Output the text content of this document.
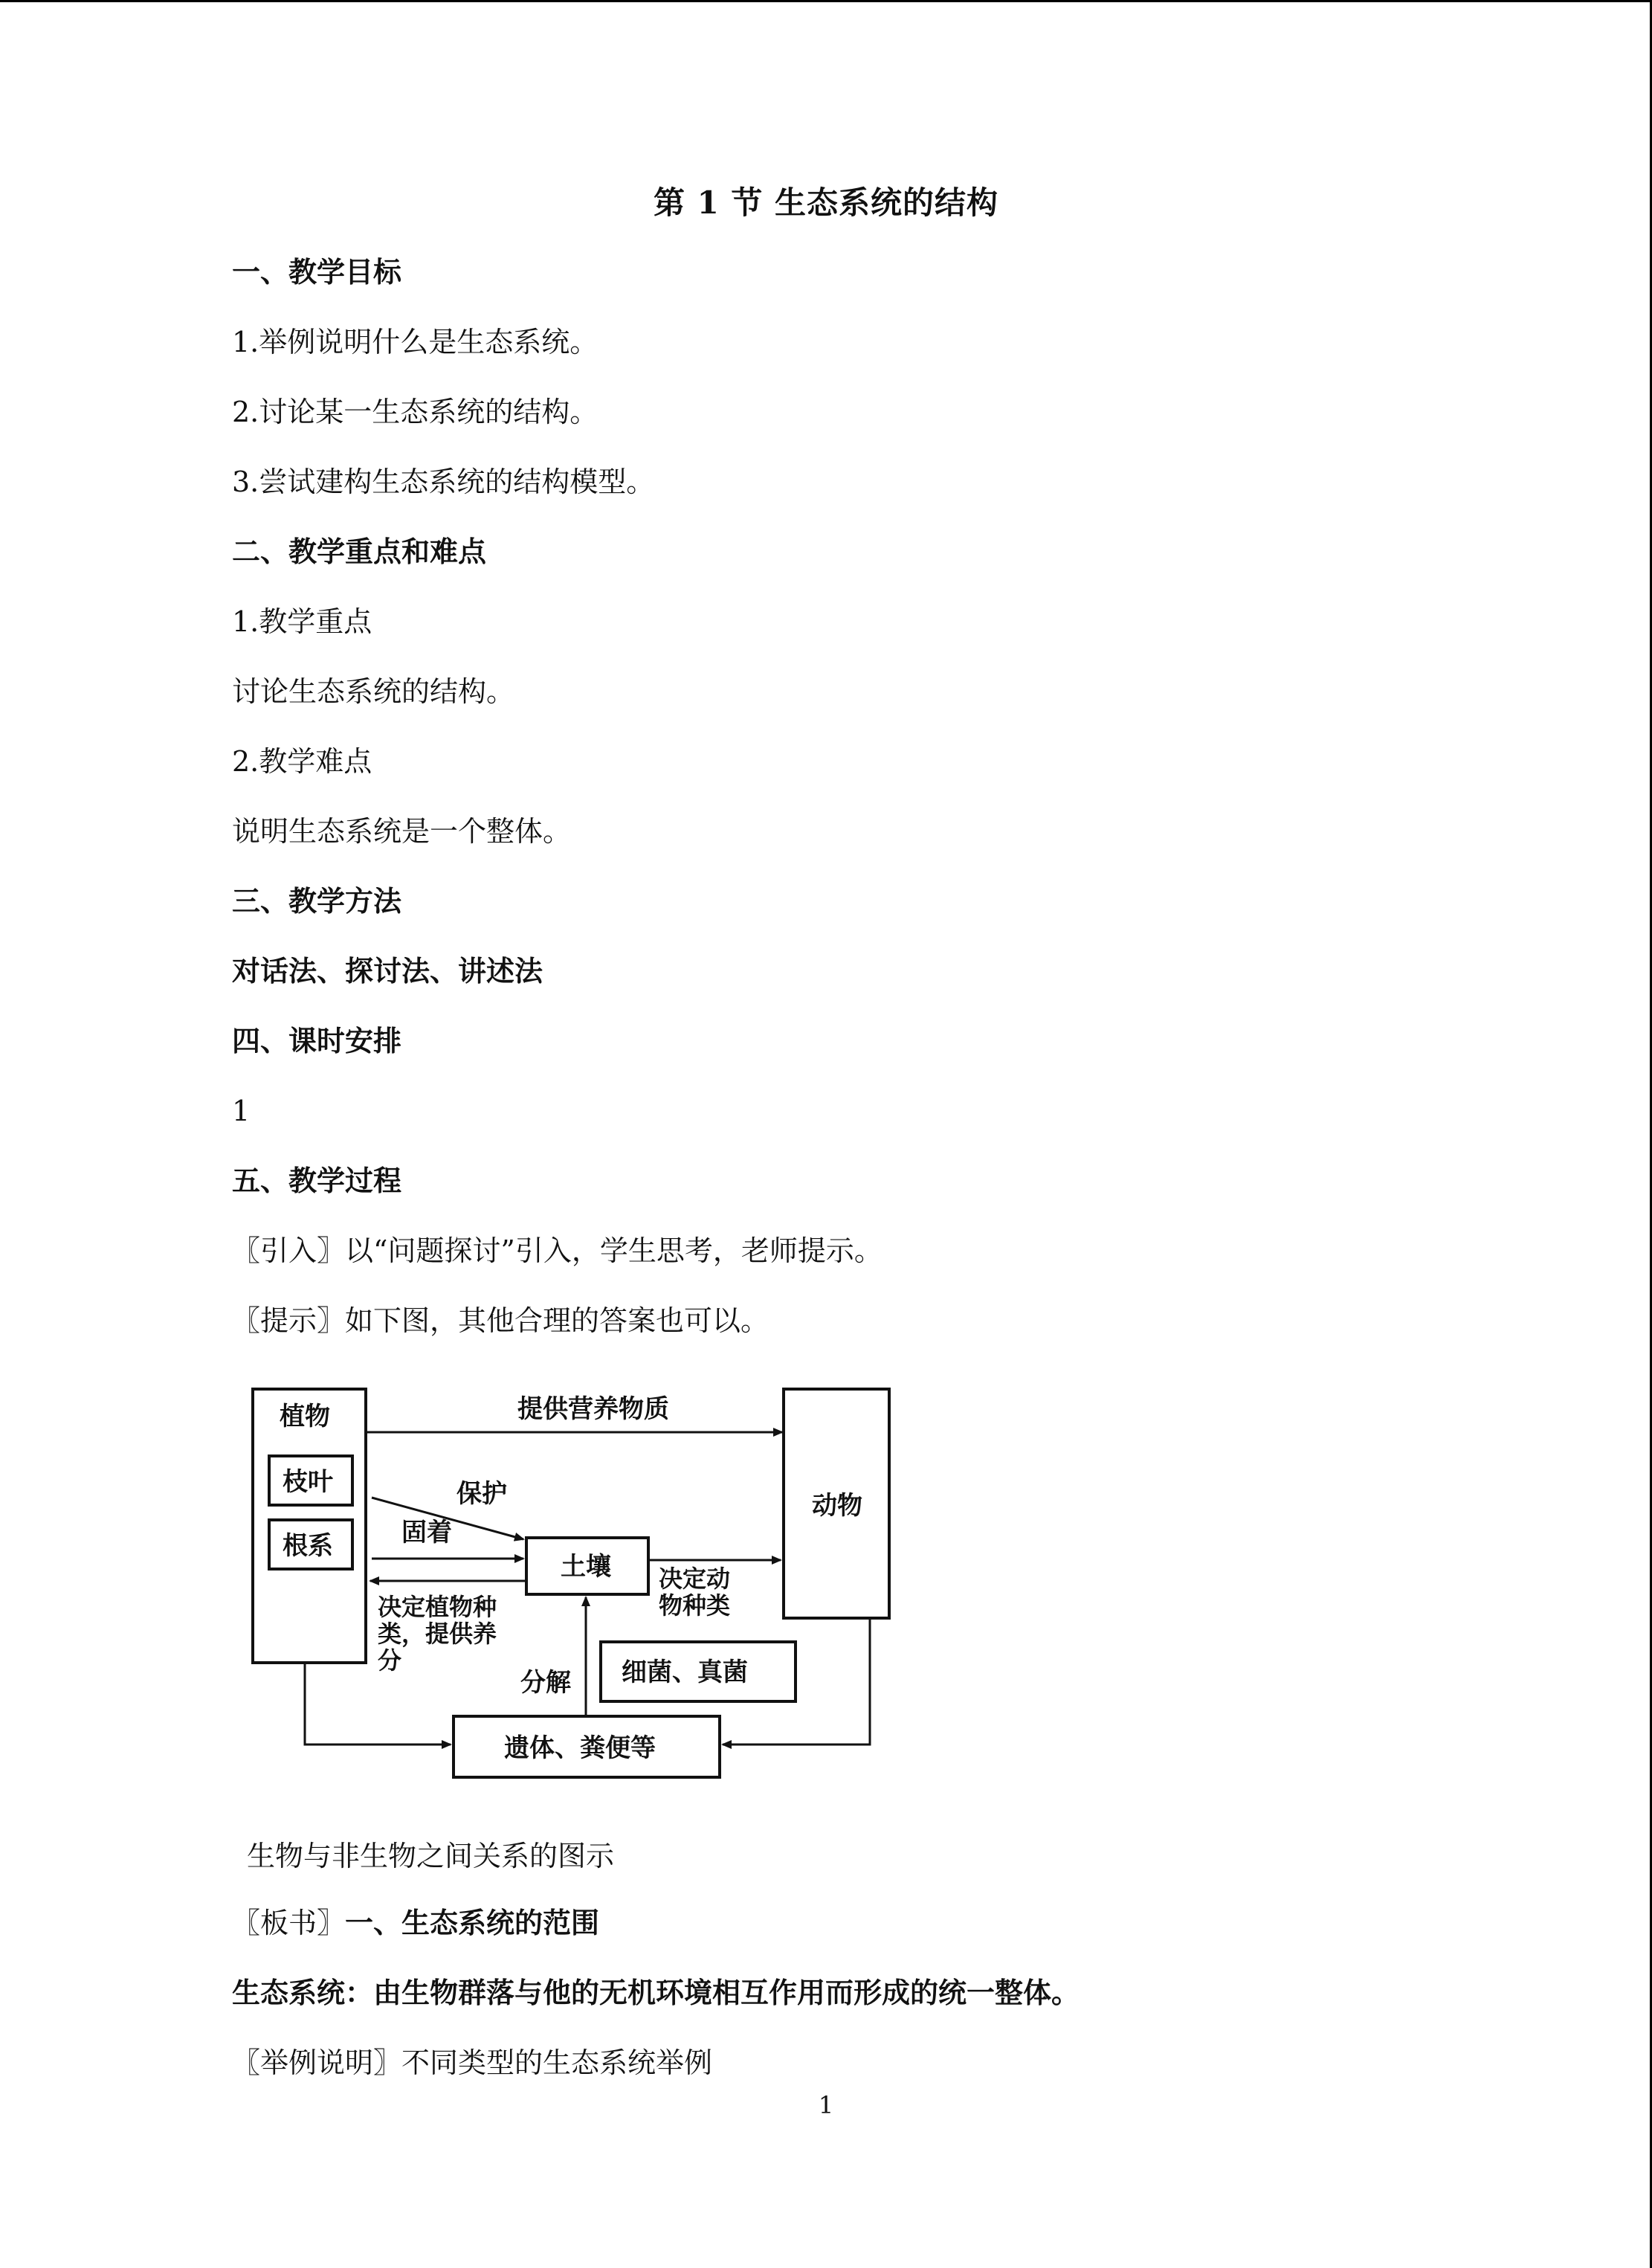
第 1 节 生态系统的结构
一、教学目标
1.举例说明什么是生态系统。
2.讨论某一生态系统的结构。
3.尝试建构生态系统的结构模型。
二、教学重点和难点
1.教学重点
讨论生态系统的结构。
2.教学难点
说明生态系统是一个整体。
三、教学方法
对话法、探讨法、讲述法
四、课时安排
1
五、教学过程
〖引入〗以“问题探讨”引入，学生思考，老师提示。
〖提示〗如下图，其他合理的答案也可以。
植物
枝叶
根系
动物
土壤
细菌、真菌
遗体、粪便等
提供营养物质
保护
固着
决定植物种
类，提供养
分
决定动
物种类
分解
生物与非生物之间关系的图示
〖板书〗一、生态系统的范围
生态系统：由生物群落与他的无机环境相互作用而形成的统一整体。
〖举例说明〗不同类型的生态系统举例
1
